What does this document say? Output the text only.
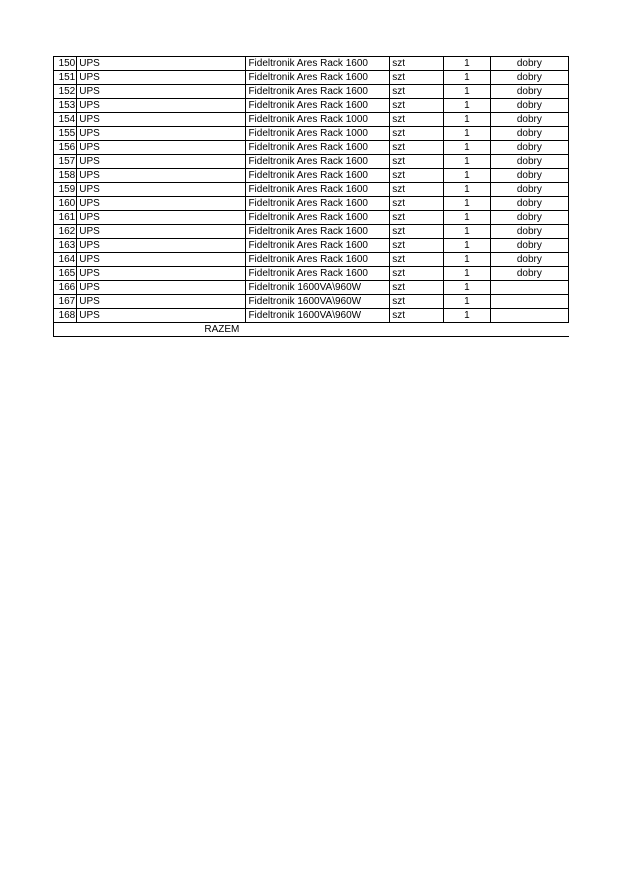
150	UPS	Fideltronik Ares Rack 1600	szt	1	dobry
151	UPS	Fideltronik Ares Rack 1600	szt	1	dobry
152	UPS	Fideltronik Ares Rack 1600	szt	1	dobry
153	UPS	Fideltronik Ares Rack 1600	szt	1	dobry
154	UPS	Fideltronik Ares Rack 1000	szt	1	dobry
155	UPS	Fideltronik Ares Rack 1000	szt	1	dobry
156	UPS	Fideltronik Ares Rack 1600	szt	1	dobry
157	UPS	Fideltronik Ares Rack 1600	szt	1	dobry
158	UPS	Fideltronik Ares Rack 1600	szt	1	dobry
159	UPS	Fideltronik Ares Rack 1600	szt	1	dobry
160	UPS	Fideltronik Ares Rack 1600	szt	1	dobry
161	UPS	Fideltronik Ares Rack 1600	szt	1	dobry
162	UPS	Fideltronik Ares Rack 1600	szt	1	dobry
163	UPS	Fideltronik Ares Rack 1600	szt	1	dobry
164	UPS	Fideltronik Ares Rack 1600	szt	1	dobry
165	UPS	Fideltronik Ares Rack 1600	szt	1	dobry
166	UPS	Fideltronik 1600VA\960W	szt	1	
167	UPS	Fideltronik 1600VA\960W	szt	1	
168	UPS	Fideltronik 1600VA\960W	szt	1	
RAZEM					
